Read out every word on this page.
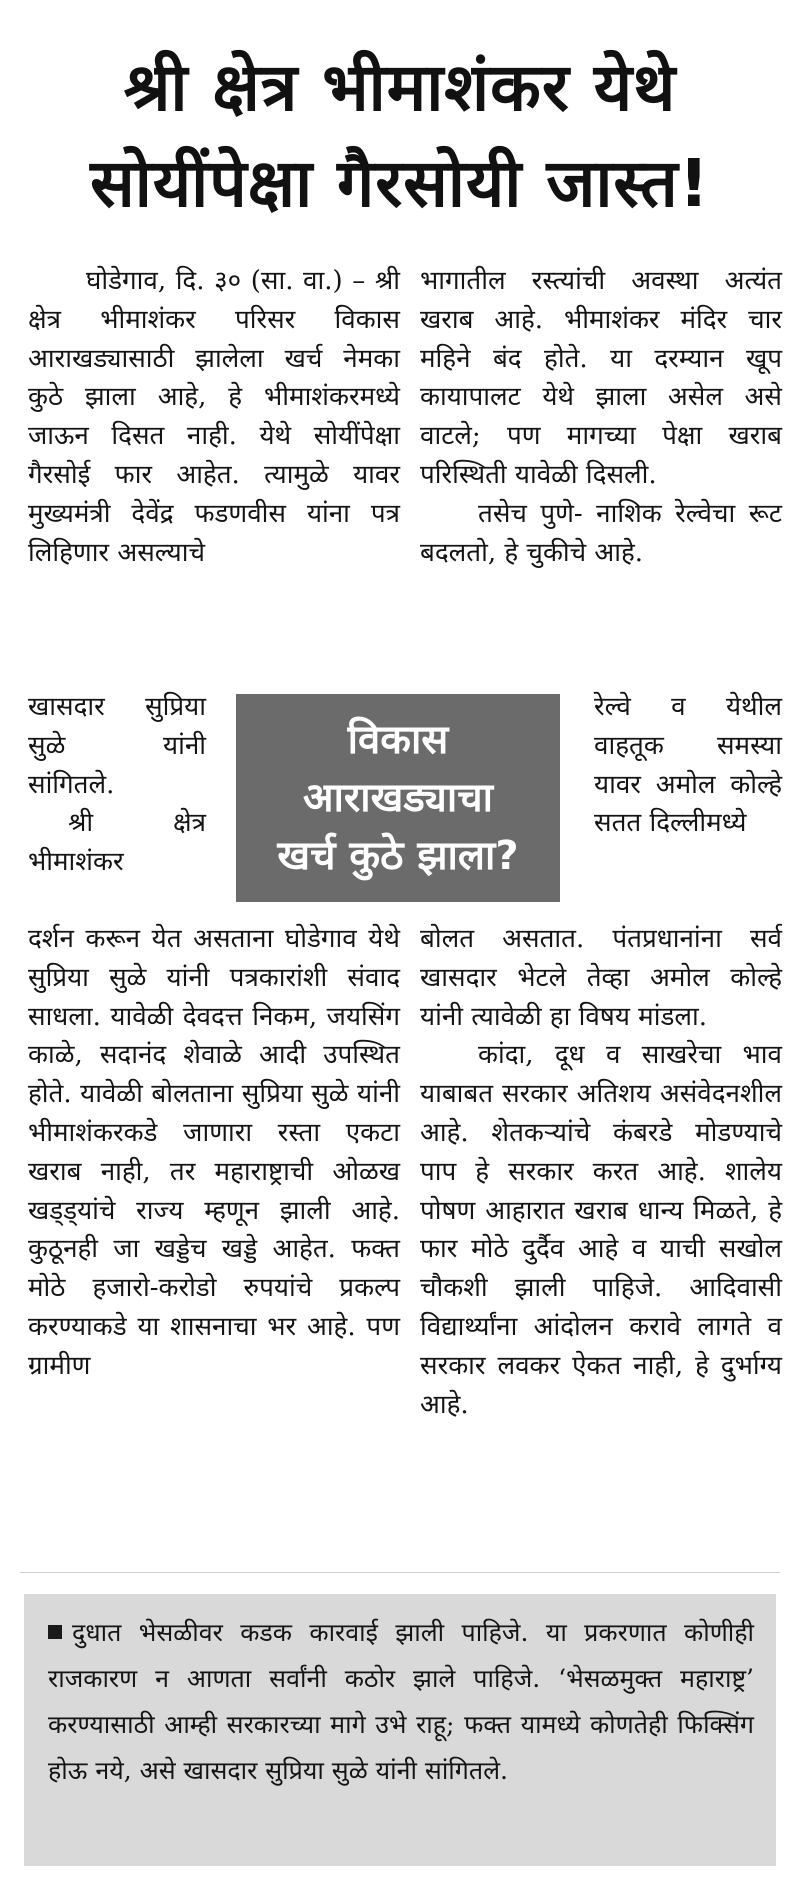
श्री क्षेत्र भीमाशंकर येथे
सोयींपेक्षा गैरसोयी जास्त!

घोडेगाव, दि. ३० (सा. वा.) – श्री क्षेत्र भीमाशंकर परिसर विकास आराखड्यासाठी झालेला खर्च नेमका कुठे झाला आहे, हे भीमाशंकरमध्ये जाऊन दिसत नाही. येथे सोयींपेक्षा गैरसोई फार आहेत. त्यामुळे यावर मुख्यमंत्री देवेंद्र फडणवीस यांना पत्र लिहिणार असल्याचे

खासदार सुप्रिया सुळे यांनी सांगितले.

श्री क्षेत्र भीमाशंकर

विकास
आराखड्याचा
खर्च कुठे झाला?

दर्शन करून येत असताना घोडेगाव येथे सुप्रिया सुळे यांनी पत्रकारांशी संवाद साधला. यावेळी देवदत्त निकम, जयसिंग काळे, सदानंद शेवाळे आदी उपस्थित होते. यावेळी बोलताना सुप्रिया सुळे यांनी भीमाशंकरकडे जाणारा रस्ता एकटा खराब नाही, तर महाराष्ट्राची ओळख खड्ड्यांचे राज्य म्हणून झाली आहे. कुठूनही जा खड्डेच खड्डे आहेत. फक्त मोठे हजारो-करोडो रुपयांचे प्रकल्प करण्याकडे या शासनाचा भर आहे. पण ग्रामीण

भागातील रस्त्यांची अवस्था अत्यंत खराब आहे. भीमाशंकर मंदिर चार महिने बंद होते. या दरम्यान खूप कायापालट येथे झाला असेल असे वाटले; पण मागच्या पेक्षा खराब परिस्थिती यावेळी दिसली.

तसेच पुणे- नाशिक रेल्वेचा रूट बदलतो, हे चुकीचे आहे.

रेल्वे व येथील वाहतूक समस्या यावर अमोल कोल्हे सतत दिल्लीमध्ये

बोलत असतात. पंतप्रधानांना सर्व खासदार भेटले तेव्हा अमोल कोल्हे यांनी त्यावेळी हा विषय मांडला.

कांदा, दूध व साखरेचा भाव याबाबत सरकार अतिशय असंवेदनशील आहे. शेतकऱ्यांचे कंबरडे मोडण्याचे पाप हे सरकार करत आहे. शालेय पोषण आहारात खराब धान्य मिळते, हे फार मोठे दुर्दैव आहे व याची सखोल चौकशी झाली पाहिजे. आदिवासी विद्यार्थ्यांना आंदोलन करावे लागते व सरकार लवकर ऐकत नाही, हे दुर्भाग्य आहे.

दुधात भेसळीवर कडक कारवाई झाली पाहिजे. या प्रकरणात कोणीही राजकारण न आणता सर्वांनी कठोर झाले पाहिजे. ‘भेसळमुक्त महाराष्ट्र’ करण्यासाठी आम्ही सरकारच्या मागे उभे राहू; फक्त यामध्ये कोणतेही फिक्सिंग होऊ नये, असे खासदार सुप्रिया सुळे यांनी सांगितले.
